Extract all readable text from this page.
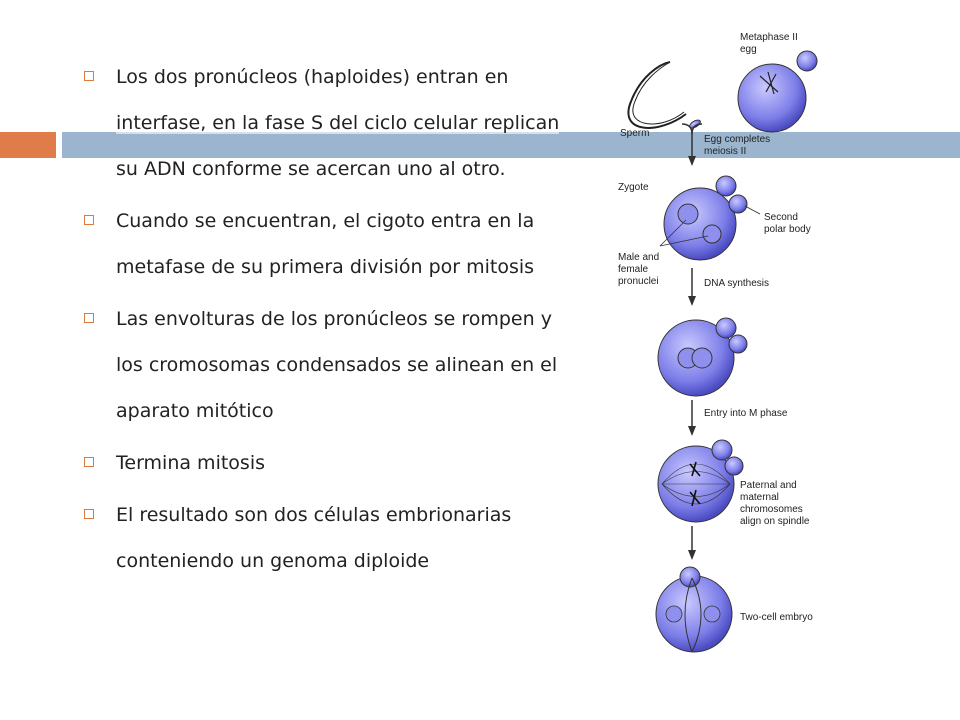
Los dos pronúcleos (haploides) entran en interfase, en la fase S del ciclo celular replican su ADN conforme se acercan uno al otro.
Cuando se encuentran, el cigoto entra en la metafase de su primera división por mitosis
Las envolturas de los pronúcleos se rompen y los cromosomas condensados se alinean en el aparato mitótico
Termina mitosis
El resultado son dos células embrionarias conteniendo un genoma diploide
Metaphase II
egg
Sperm
Egg completes
meiosis II
Zygote
Second
polar body
Male and
female
pronuclei	DNA synthesis
Entry into M phase
Paternal and
maternal
chromosomes
align on spindle
Two-cell embryo
